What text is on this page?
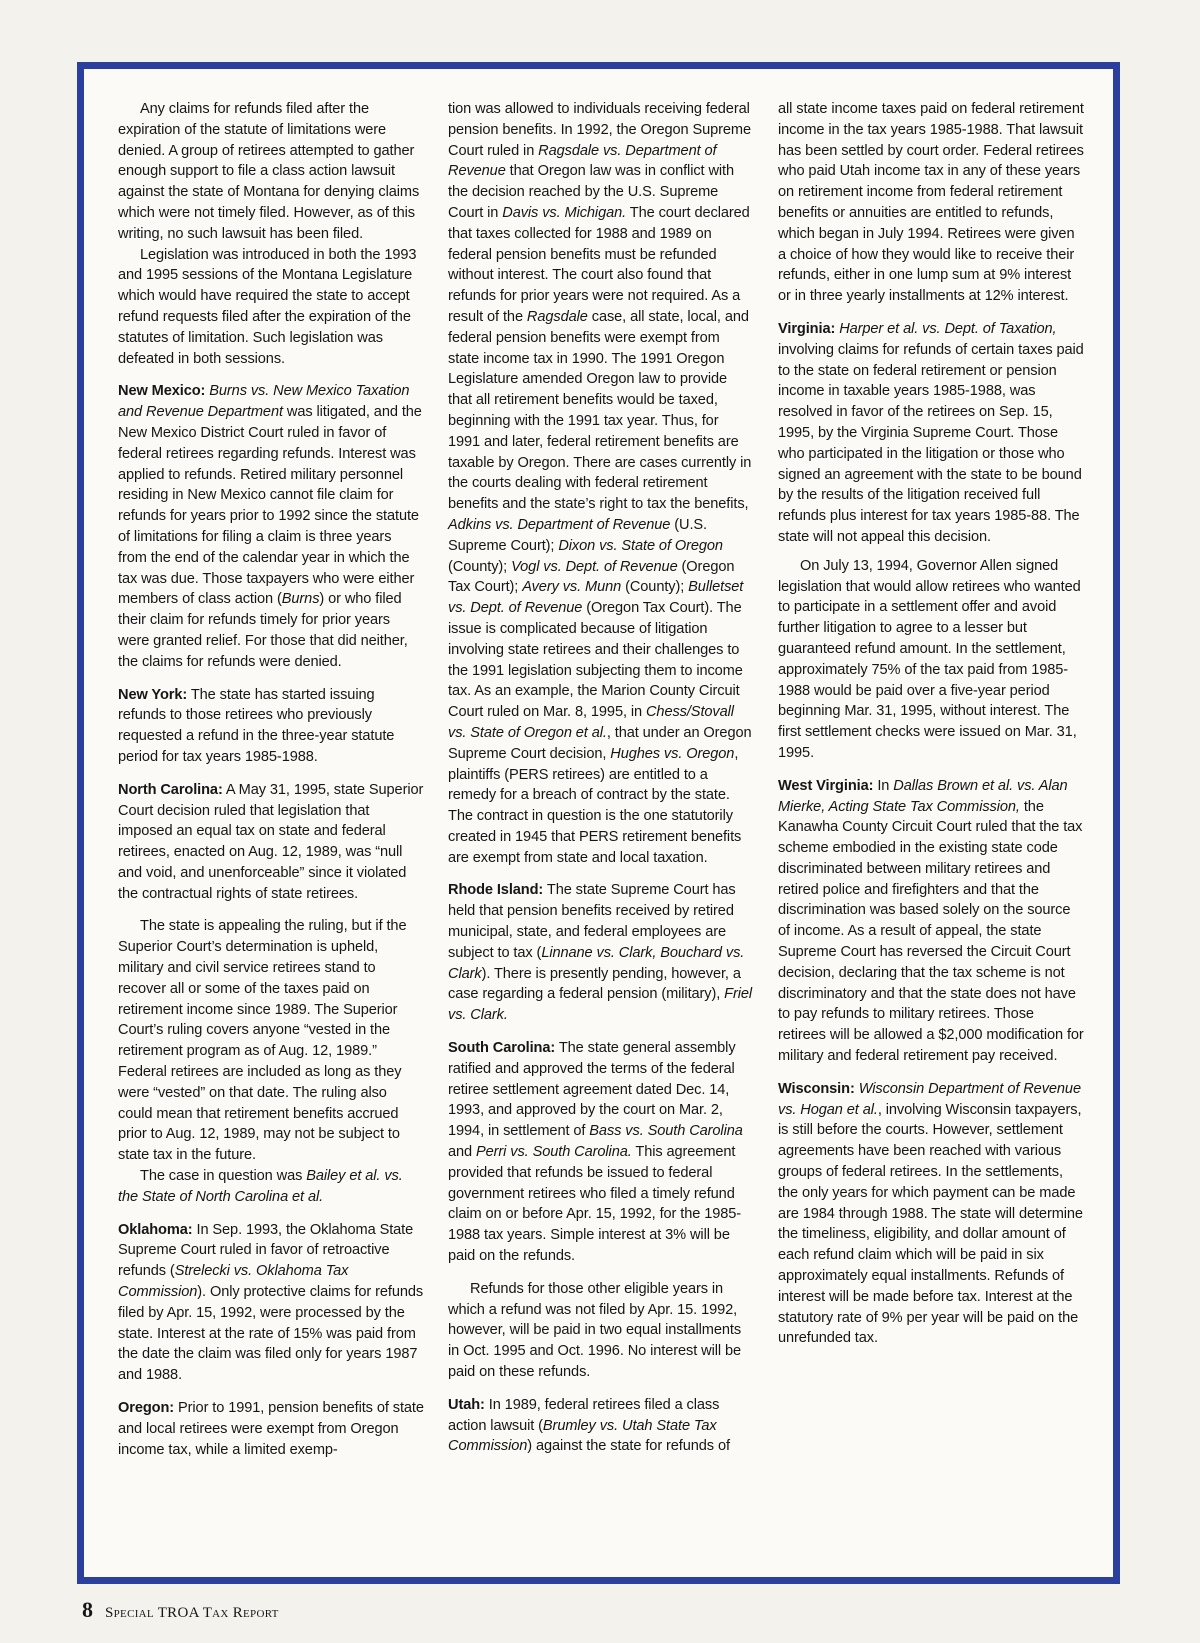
Any claims for refunds filed after the expiration of the statute of limitations were denied. A group of retirees attempted to gather enough support to file a class action lawsuit against the state of Montana for denying claims which were not timely filed. However, as of this writing, no such lawsuit has been filed.

Legislation was introduced in both the 1993 and 1995 sessions of the Montana Legislature which would have required the state to accept refund requests filed after the expiration of the statutes of limitation. Such legislation was defeated in both sessions.

New Mexico: Burns vs. New Mexico Taxation and Revenue Department was litigated, and the New Mexico District Court ruled in favor of federal retirees regarding refunds. Interest was applied to refunds. Retired military personnel residing in New Mexico cannot file claim for refunds for years prior to 1992 since the statute of limitations for filing a claim is three years from the end of the calendar year in which the tax was due. Those taxpayers who were either members of class action (Burns) or who filed their claim for refunds timely for prior years were granted relief. For those that did neither, the claims for refunds were denied.

New York: The state has started issuing refunds to those retirees who previously requested a refund in the three-year statute period for tax years 1985-1988.

North Carolina: A May 31, 1995, state Superior Court decision ruled that legislation that imposed an equal tax on state and federal retirees, enacted on Aug. 12, 1989, was “null and void, and unenforceable” since it violated the contractual rights of state retirees.

The state is appealing the ruling, but if the Superior Court’s determination is upheld, military and civil service retirees stand to recover all or some of the taxes paid on retirement income since 1989. The Superior Court’s ruling covers anyone “vested in the retirement program as of Aug. 12, 1989.” Federal retirees are included as long as they were “vested” on that date. The ruling also could mean that retirement benefits accrued prior to Aug. 12, 1989, may not be subject to state tax in the future.

The case in question was Bailey et al. vs. the State of North Carolina et al.

Oklahoma: In Sep. 1993, the Oklahoma State Supreme Court ruled in favor of retroactive refunds (Strelecki vs. Oklahoma Tax Commission). Only protective claims for refunds filed by Apr. 15, 1992, were processed by the state. Interest at the rate of 15% was paid from the date the claim was filed only for years 1987 and 1988.

Oregon: Prior to 1991, pension benefits of state and local retirees were exempt from Oregon income tax, while a limited exemp-

tion was allowed to individuals receiving federal pension benefits. In 1992, the Oregon Supreme Court ruled in Ragsdale vs. Department of Revenue that Oregon law was in conflict with the decision reached by the U.S. Supreme Court in Davis vs. Michigan. The court declared that taxes collected for 1988 and 1989 on federal pension benefits must be refunded without interest. The court also found that refunds for prior years were not required. As a result of the Ragsdale case, all state, local, and federal pension benefits were exempt from state income tax in 1990. The 1991 Oregon Legislature amended Oregon law to provide that all retirement benefits would be taxed, beginning with the 1991 tax year. Thus, for 1991 and later, federal retirement benefits are taxable by Oregon. There are cases currently in the courts dealing with federal retirement benefits and the state’s right to tax the benefits, Adkins vs. Department of Revenue (U.S. Supreme Court); Dixon vs. State of Oregon (County); Vogl vs. Dept. of Revenue (Oregon Tax Court); Avery vs. Munn (County); Bulletset vs. Dept. of Revenue (Oregon Tax Court). The issue is complicated because of litigation involving state retirees and their challenges to the 1991 legislation subjecting them to income tax. As an example, the Marion County Circuit Court ruled on Mar. 8, 1995, in Chess/Stovall vs. State of Oregon et al., that under an Oregon Supreme Court decision, Hughes vs. Oregon, plaintiffs (PERS retirees) are entitled to a remedy for a breach of contract by the state. The contract in question is the one statutorily created in 1945 that PERS retirement benefits are exempt from state and local taxation.

Rhode Island: The state Supreme Court has held that pension benefits received by retired municipal, state, and federal employees are subject to tax (Linnane vs. Clark, Bouchard vs. Clark). There is presently pending, however, a case regarding a federal pension (military), Friel vs. Clark.

South Carolina: The state general assembly ratified and approved the terms of the federal retiree settlement agreement dated Dec. 14, 1993, and approved by the court on Mar. 2, 1994, in settlement of Bass vs. South Carolina and Perri vs. South Carolina. This agreement provided that refunds be issued to federal government retirees who filed a timely refund claim on or before Apr. 15, 1992, for the 1985-1988 tax years. Simple interest at 3% will be paid on the refunds.

Refunds for those other eligible years in which a refund was not filed by Apr. 15. 1992, however, will be paid in two equal installments in Oct. 1995 and Oct. 1996. No interest will be paid on these refunds.

Utah: In 1989, federal retirees filed a class action lawsuit (Brumley vs. Utah State Tax Commission) against the state for refunds of

all state income taxes paid on federal retirement income in the tax years 1985-1988. That lawsuit has been settled by court order. Federal retirees who paid Utah income tax in any of these years on retirement income from federal retirement benefits or annuities are entitled to refunds, which began in July 1994. Retirees were given a choice of how they would like to receive their refunds, either in one lump sum at 9% interest or in three yearly installments at 12% interest.

Virginia: Harper et al. vs. Dept. of Taxation, involving claims for refunds of certain taxes paid to the state on federal retirement or pension income in taxable years 1985-1988, was resolved in favor of the retirees on Sep. 15, 1995, by the Virginia Supreme Court. Those who participated in the litigation or those who signed an agreement with the state to be bound by the results of the litigation received full refunds plus interest for tax years 1985-88. The state will not appeal this decision.

On July 13, 1994, Governor Allen signed legislation that would allow retirees who wanted to participate in a settlement offer and avoid further litigation to agree to a lesser but guaranteed refund amount. In the settlement, approximately 75% of the tax paid from 1985-1988 would be paid over a five-year period beginning Mar. 31, 1995, without interest. The first settlement checks were issued on Mar. 31, 1995.

West Virginia: In Dallas Brown et al. vs. Alan Mierke, Acting State Tax Commission, the Kanawha County Circuit Court ruled that the tax scheme embodied in the existing state code discriminated between military retirees and retired police and firefighters and that the discrimination was based solely on the source of income. As a result of appeal, the state Supreme Court has reversed the Circuit Court decision, declaring that the tax scheme is not discriminatory and that the state does not have to pay refunds to military retirees. Those retirees will be allowed a $2,000 modification for military and federal retirement pay received.

Wisconsin: Wisconsin Department of Revenue vs. Hogan et al., involving Wisconsin taxpayers, is still before the courts. However, settlement agreements have been reached with various groups of federal retirees. In the settlements, the only years for which payment can be made are 1984 through 1988. The state will determine the timeliness, eligibility, and dollar amount of each refund claim which will be paid in six approximately equal installments. Refunds of interest will be made before tax. Interest at the statutory rate of 9% per year will be paid on the unrefunded tax.

8 Special TROA Tax Report
